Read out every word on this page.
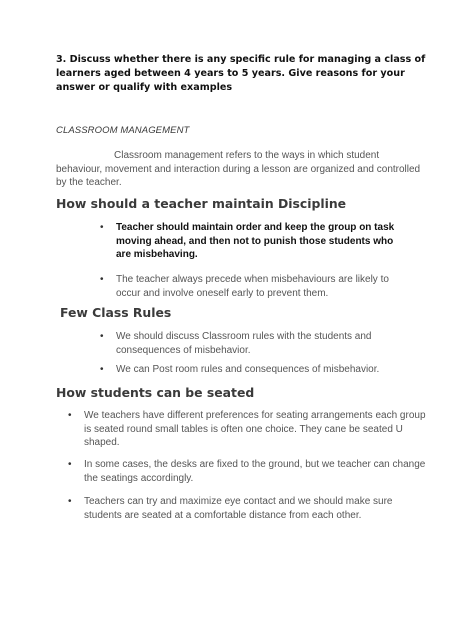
3. Discuss whether there is any specific rule for managing a class of learners aged between 4 years to 5 years. Give reasons for your answer or qualify with examples
CLASSROOM MANAGEMENT
Classroom management refers to the ways in which student behaviour, movement and interaction during a lesson are organized and controlled by the teacher.
How should a teacher maintain Discipline
•	Teacher should maintain order and keep the group on task moving ahead, and then not to punish those students who are misbehaving.
•	The teacher always precede when misbehaviours are likely to occur and involve oneself early to prevent them.
Few Class Rules
•	We should discuss Classroom rules with the students and consequences of misbehavior.
•	We can Post room rules and consequences of misbehavior.
How students can be seated
•	We teachers have different preferences for seating arrangements each group is seated round small tables is often one choice. They cane be seated U shaped.
•	In some cases, the desks are fixed to the ground, but we teacher can change the seatings accordingly.
•	Teachers can try and maximize eye contact and we should make sure students are seated at a comfortable distance from each other.
